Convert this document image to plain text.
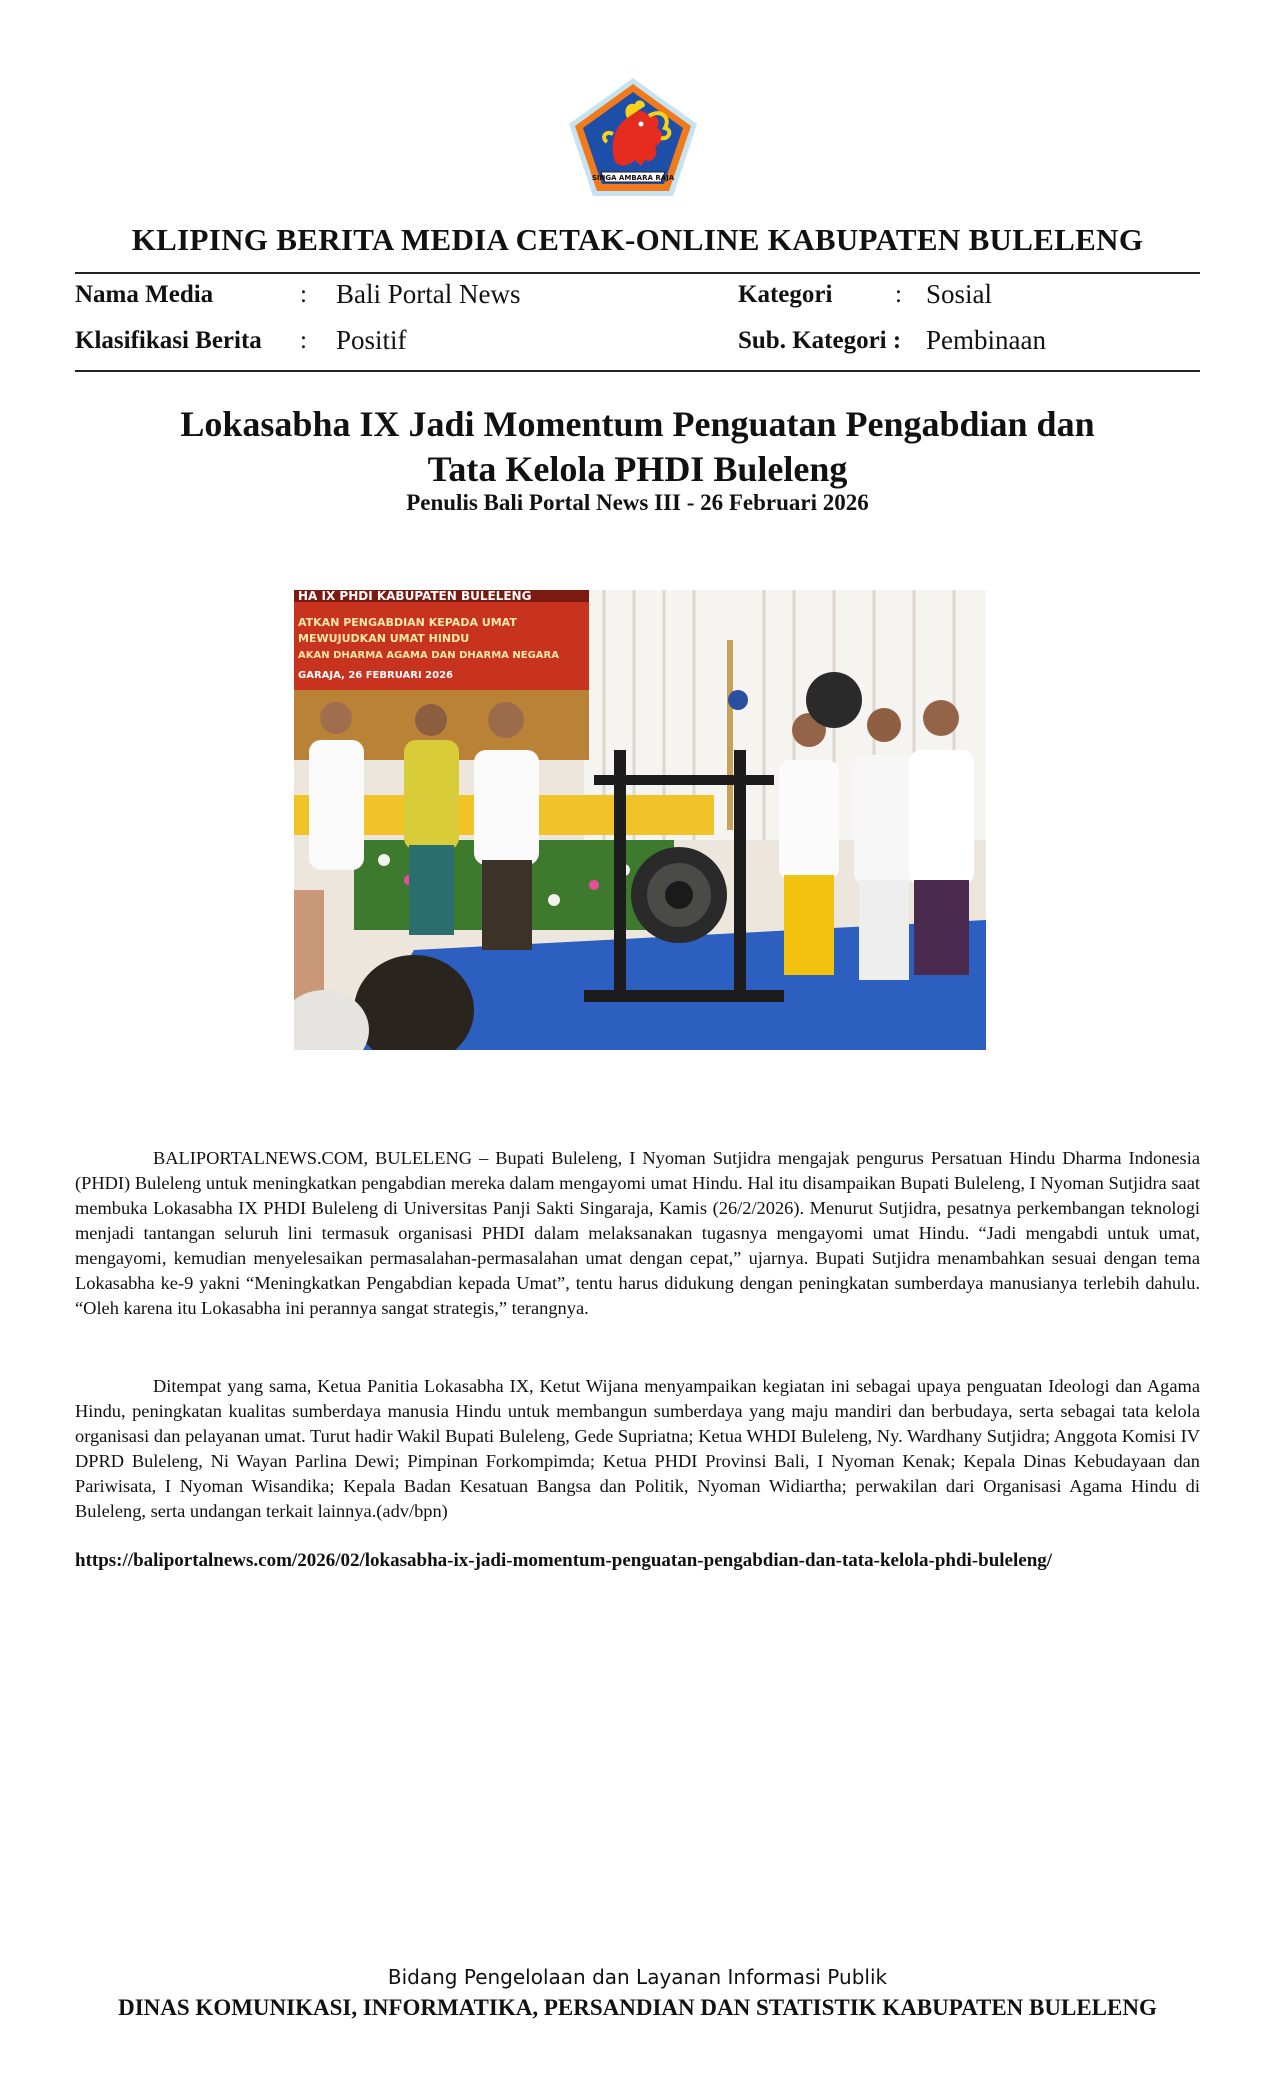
SINGA AMBARA RAJA
KLIPING BERITA MEDIA CETAK-ONLINE KABUPATEN BULELENG
Nama Media	: Bali Portal News	Kategori	: Sosial
Klasifikasi Berita : Positif	Sub. Kategori : Pembinaan
Lokasabha IX Jadi Momentum Penguatan Pengabdian dan
Tata Kelola PHDI Buleleng
Penulis Bali Portal News III - 26 Februari 2026
HA IX PHDI KABUPATEN BULELENG
ATKAN PENGABDIAN KEPADA UMAT
MEWUJUDKAN UMAT HINDU
AKAN DHARMA AGAMA DAN DHARMA NEGARA
GARAJA, 26 FEBRUARI 2026

BALIPORTALNEWS.COM, BULELENG – Bupati Buleleng, I Nyoman Sutjidra mengajak pengurus Persatuan Hindu Dharma Indonesia (PHDI) Buleleng untuk meningkatkan pengabdian mereka dalam mengayomi umat Hindu. Hal itu disampaikan Bupati Buleleng, I Nyoman Sutjidra saat membuka Lokasabha IX PHDI Buleleng di Universitas Panji Sakti Singaraja, Kamis (26/2/2026). Menurut Sutjidra, pesatnya perkembangan teknologi menjadi tantangan seluruh lini termasuk organisasi PHDI dalam melaksanakan tugasnya mengayomi umat Hindu. “Jadi mengabdi untuk umat, mengayomi, kemudian menyelesaikan permasalahan-permasalahan umat dengan cepat,” ujarnya. Bupati Sutjidra menambahkan sesuai dengan tema Lokasabha ke-9 yakni “Meningkatkan Pengabdian kepada Umat”, tentu harus didukung dengan peningkatan sumberdaya manusianya terlebih dahulu. “Oleh karena itu Lokasabha ini perannya sangat strategis,” terangnya.

Ditempat yang sama, Ketua Panitia Lokasabha IX, Ketut Wijana menyampaikan kegiatan ini sebagai upaya penguatan Ideologi dan Agama Hindu, peningkatan kualitas sumberdaya manusia Hindu untuk membangun sumberdaya yang maju mandiri dan berbudaya, serta sebagai tata kelola organisasi dan pelayanan umat. Turut hadir Wakil Bupati Buleleng, Gede Supriatna; Ketua WHDI Buleleng, Ny. Wardhany Sutjidra; Anggota Komisi IV DPRD Buleleng, Ni Wayan Parlina Dewi; Pimpinan Forkompimda; Ketua PHDI Provinsi Bali, I Nyoman Kenak; Kepala Dinas Kebudayaan dan Pariwisata, I Nyoman Wisandika; Kepala Badan Kesatuan Bangsa dan Politik, Nyoman Widiartha; perwakilan dari Organisasi Agama Hindu di Buleleng, serta undangan terkait lainnya.(adv/bpn)

https://baliportalnews.com/2026/02/lokasabha-ix-jadi-momentum-penguatan-pengabdian-dan-tata-kelola-phdi-buleleng/
Bidang Pengelolaan dan Layanan Informasi Publik
DINAS KOMUNIKASI, INFORMATIKA, PERSANDIAN DAN STATISTIK KABUPATEN BULELENG
